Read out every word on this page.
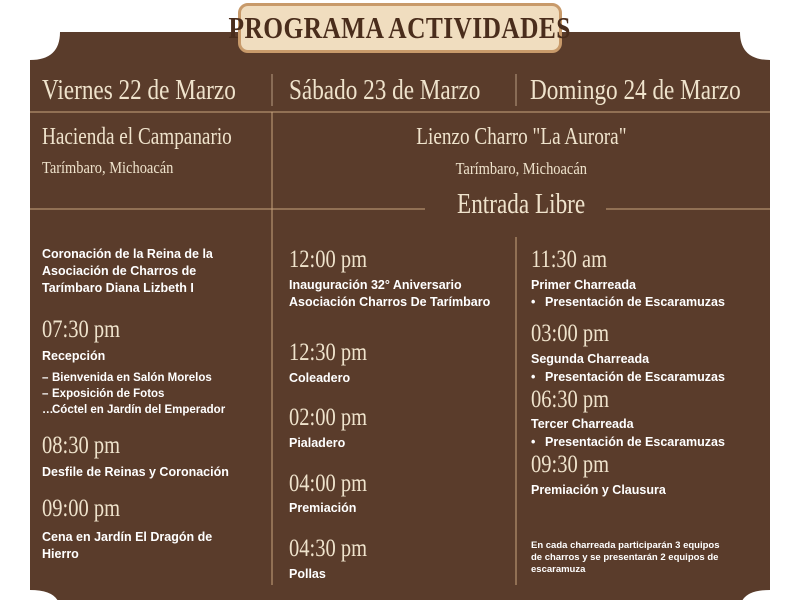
PROGRAMA ACTIVIDADES
Viernes 22 de Marzo Sábado 23 de Marzo Domingo 24 de Marzo
Hacienda el Campanario
Tarímbaro, Michoacán
Lienzo Charro "La Aurora"
Tarímbaro, Michoacán
Entrada Libre
Coronación de la Reina de la Asociación de Charros de Tarímbaro Diana Lizbeth I
07:30 pm
Recepción
– Bienvenida en Salón Morelos
– Exposición de Fotos
…Cóctel en Jardín del Emperador
08:30 pm
Desfile de Reinas y Coronación
09:00 pm
Cena en Jardín El Dragón de Hierro
12:00 pm
Inauguración 32° Aniversario Asociación Charros De Tarímbaro
12:30 pm
Coleadero
02:00 pm
Pialadero
04:00 pm
Premiación
04:30 pm
Pollas
11:30 am
Primer Charreada
• Presentación de Escaramuzas
03:00 pm
Segunda Charreada
• Presentación de Escaramuzas
06:30 pm
Tercer Charreada
• Presentación de Escaramuzas
09:30 pm
Premiación y Clausura
En cada charreada participarán 3 equipos de charros y se presentarán 2 equipos de escaramuza
